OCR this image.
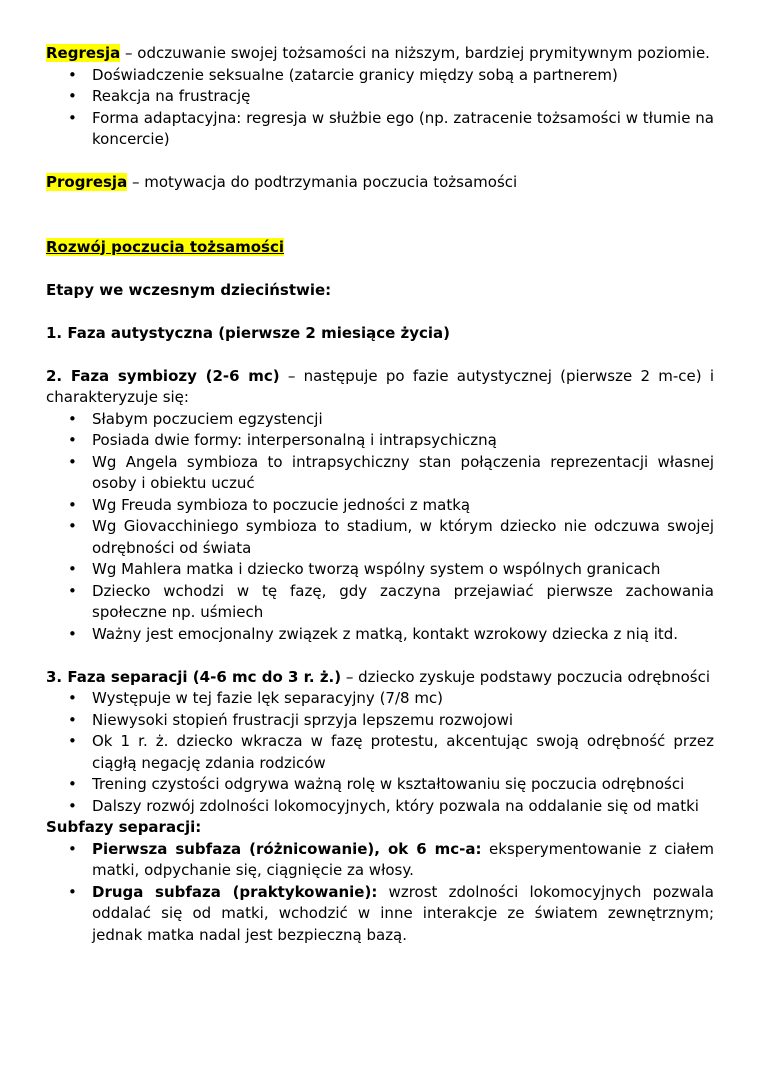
Regresja – odczuwanie swojej tożsamości na niższym, bardziej prymitywnym poziomie.

• Doświadczenie seksualne (zatarcie granicy między sobą a partnerem)
• Reakcja na frustrację
• Forma adaptacyjna: regresja w służbie ego (np. zatracenie tożsamości w tłumie na koncercie)

Progresja – motywacja do podtrzymania poczucia tożsamości

Rozwój poczucia tożsamości

Etapy we wczesnym dzieciństwie:

1. Faza autystyczna (pierwsze 2 miesiące życia)

2. Faza symbiozy (2-6 mc) – następuje po fazie autystycznej (pierwsze 2 m-ce) i charakteryzuje się:

• Słabym poczuciem egzystencji
• Posiada dwie formy: interpersonalną i intrapsychiczną
• Wg Angela symbioza to intrapsychiczny stan połączenia reprezentacji własnej osoby i obiektu uczuć
• Wg Freuda symbioza to poczucie jedności z matką
• Wg Giovacchiniego symbioza to stadium, w którym dziecko nie odczuwa swojej odrębności od świata
• Wg Mahlera matka i dziecko tworzą wspólny system o wspólnych granicach
• Dziecko wchodzi w tę fazę, gdy zaczyna przejawiać pierwsze zachowania społeczne np. uśmiech
• Ważny jest emocjonalny związek z matką, kontakt wzrokowy dziecka z nią itd.

3. Faza separacji (4-6 mc do 3 r. ż.) – dziecko zyskuje podstawy poczucia odrębności

• Występuje w tej fazie lęk separacyjny (7/8 mc)
• Niewysoki stopień frustracji sprzyja lepszemu rozwojowi
• Ok 1 r. ż. dziecko wkracza w fazę protestu, akcentując swoją odrębność przez ciągłą negację zdania rodziców
• Trening czystości odgrywa ważną rolę w kształtowaniu się poczucia odrębności
• Dalszy rozwój zdolności lokomocyjnych, który pozwala na oddalanie się od matki

Subfazy separacji:

• Pierwsza subfaza (różnicowanie), ok 6 mc-a: eksperymentowanie z ciałem matki, odpychanie się, ciągnięcie za włosy.
• Druga subfaza (praktykowanie): wzrost zdolności lokomocyjnych pozwala oddalać się od matki, wchodzić w inne interakcje ze światem zewnętrznym; jednak matka nadal jest bezpieczną bazą.
